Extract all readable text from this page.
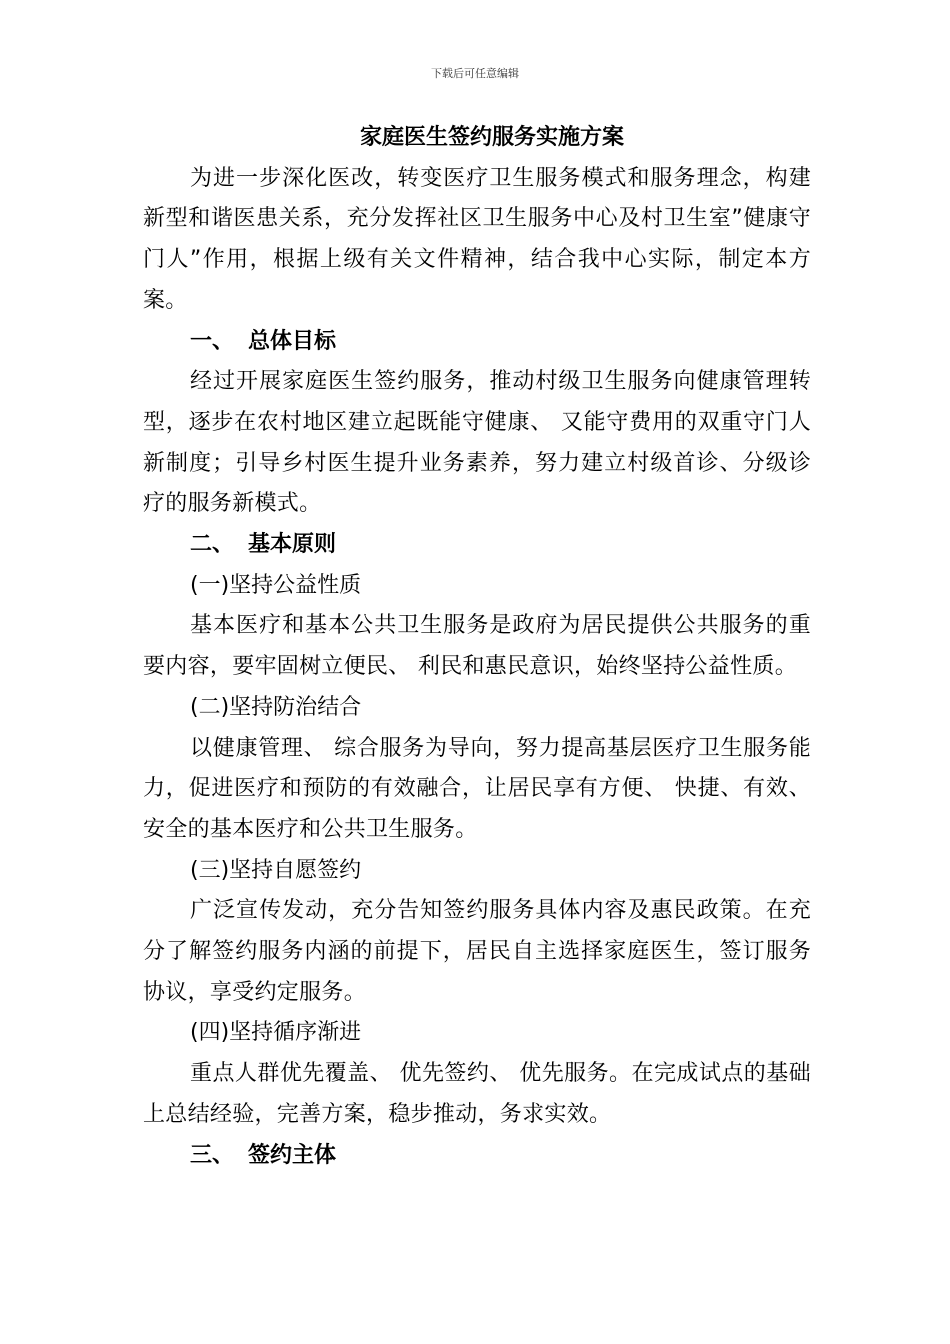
下载后可任意编辑

家庭医生签约服务实施方案

为进一步深化医改，转变医疗卫生服务模式和服务理念，构建新型和谐医患关系，充分发挥社区卫生服务中心及村卫生室”健康守门人”作用，根据上级有关文件精神，结合我中心实际，制定本方案。

一、 总体目标

经过开展家庭医生签约服务，推动村级卫生服务向健康管理转型，逐步在农村地区建立起既能守健康、 又能守费用的双重守门人新制度；引导乡村医生提升业务素养，努力建立村级首诊、分级诊疗的服务新模式。

二、 基本原则

(一)坚持公益性质

基本医疗和基本公共卫生服务是政府为居民提供公共服务的重要内容，要牢固树立便民、 利民和惠民意识，始终坚持公益性质。

(二)坚持防治结合

以健康管理、 综合服务为导向，努力提高基层医疗卫生服务能力，促进医疗和预防的有效融合，让居民享有方便、 快捷、有效、 安全的基本医疗和公共卫生服务。

(三)坚持自愿签约

广泛宣传发动，充分告知签约服务具体内容及惠民政策。在充分了解签约服务内涵的前提下，居民自主选择家庭医生，签订服务协议，享受约定服务。

(四)坚持循序渐进

重点人群优先覆盖、 优先签约、 优先服务。在完成试点的基础上总结经验，完善方案，稳步推动，务求实效。

三、 签约主体
